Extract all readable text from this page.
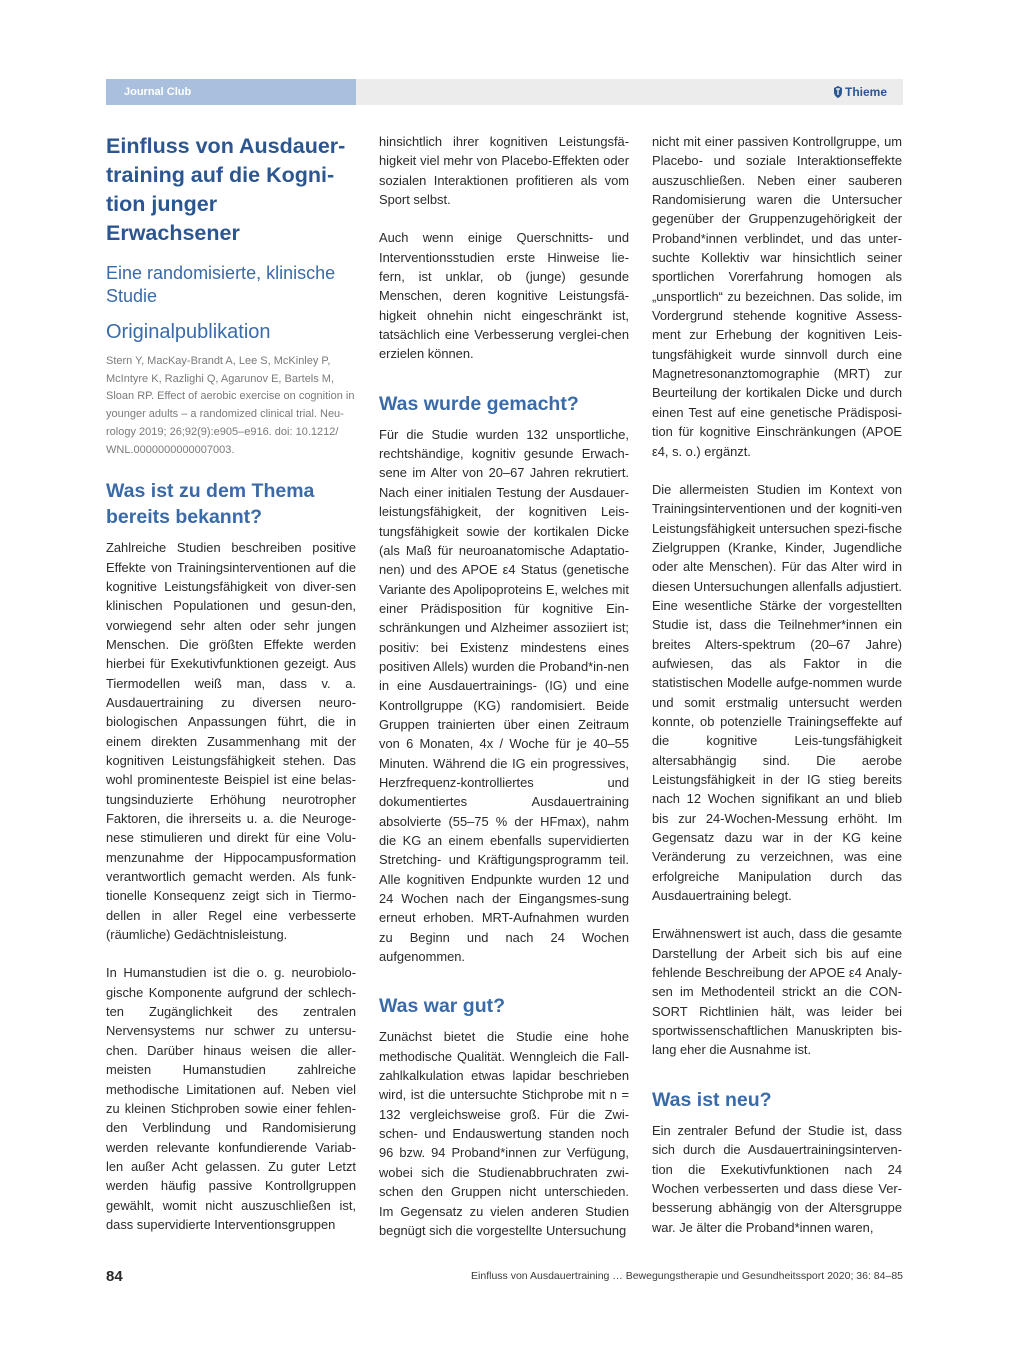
Journal Club	Thieme
Einfluss von Ausdauer-training auf die Kogni-tion junger Erwachsener
Eine randomisierte, klinische Studie
Originalpublikation
Stern Y, MacKay-Brandt A, Lee S, McKinley P, McIntyre K, Razlighi Q, Agarunov E, Bartels M, Sloan RP. Effect of aerobic exercise on cognition in younger adults – a randomized clinical trial. Neu-rology 2019; 26;92(9):e905–e916. doi: 10.1212/ WNL.0000000000007003.
Was ist zu dem Thema bereits bekannt?

Zahlreiche Studien beschreiben positive Effekte von Trainingsinterventionen auf die kognitive Leistungsfähigkeit von diver-sen klinischen Populationen und gesun-den, vorwiegend sehr alten oder sehr jungen Menschen. Die größten Effekte werden hierbei für Exekutivfunktionen gezeigt. Aus Tiermodellen weiß man, dass v. a. Ausdauertraining zu diversen neuro-biologischen Anpassungen führt, die in einem direkten Zusammenhang mit der kognitiven Leistungsfähigkeit stehen. Das wohl prominenteste Beispiel ist eine belas-tungsinduzierte Erhöhung neurotropher Faktoren, die ihrerseits u. a. die Neuroge-nese stimulieren und direkt für eine Volu-menzunahme der Hippocampusformation verantwortlich gemacht werden. Als funk-tionelle Konsequenz zeigt sich in Tiermo-dellen in aller Regel eine verbesserte (räumliche) Gedächtnisleistung.

In Humanstudien ist die o. g. neurobiolo-gische Komponente aufgrund der schlech-ten Zugänglichkeit des zentralen Nervensystems nur schwer zu untersu-chen. Darüber hinaus weisen die aller-meisten Humanstudien zahlreiche methodische Limitationen auf. Neben viel zu kleinen Stichproben sowie einer fehlen-den Verblindung und Randomisierung werden relevante konfundierende Variab-len außer Acht gelassen. Zu guter Letzt werden häufig passive Kontrollgruppen gewählt, womit nicht auszuschließen ist, dass supervidierte Interventionsgruppen

hinsichtlich ihrer kognitiven Leistungsfä-higkeit viel mehr von Placebo-Effekten oder sozialen Interaktionen profitieren als vom Sport selbst.

Auch wenn einige Querschnitts- und Interventionsstudien erste Hinweise lie-fern, ist unklar, ob (junge) gesunde Menschen, deren kognitive Leistungsfä-higkeit ohnehin nicht eingeschränkt ist, tatsächlich eine Verbesserung verglei-chen erzielen können.

Was wurde gemacht?

Für die Studie wurden 132 unsportliche, rechtshändige, kognitiv gesunde Erwach-sene im Alter von 20–67 Jahren rekrutiert. Nach einer initialen Testung der Ausdauer-leistungsfähigkeit, der kognitiven Leis-tungsfähigkeit sowie der kortikalen Dicke (als Maß für neuroanatomische Adaptatio-nen) und des APOE ε4 Status (genetische Variante des Apolipoproteins E, welches mit einer Prädisposition für kognitive Ein-schränkungen und Alzheimer assoziiert ist; positiv: bei Existenz mindestens eines positiven Allels) wurden die Proband*in-nen in eine Ausdauertrainings- (IG) und eine Kontrollgruppe (KG) randomisiert. Beide Gruppen trainierten über einen Zeitraum von 6 Monaten, 4x / Woche für je 40–55 Minuten. Während die IG ein progressives, Herzfrequenz-kontrolliertes und dokumentiertes Ausdauertraining absolvierte (55–75 % der HFmax), nahm die KG an einem ebenfalls supervidierten Stretching- und Kräftigungsprogramm teil. Alle kognitiven Endpunkte wurden 12 und 24 Wochen nach der Eingangsmes-sung erneut erhoben. MRT-Aufnahmen wurden zu Beginn und nach 24 Wochen aufgenommen.

Was war gut?

Zunächst bietet die Studie eine hohe methodische Qualität. Wenngleich die Fall-zahlkalkulation etwas lapidar beschrieben wird, ist die untersuchte Stichprobe mit n = 132 vergleichsweise groß. Für die Zwi-schen- und Endauswertung standen noch 96 bzw. 94 Proband*innen zur Verfügung, wobei sich die Studienabbruchraten zwi-schen den Gruppen nicht unterschieden. Im Gegensatz zu vielen anderen Studien begnügt sich die vorgestellte Untersuchung

nicht mit einer passiven Kontrollgruppe, um Placebo- und soziale Interaktionseffekte auszuschließen. Neben einer sauberen Randomisierung waren die Untersucher gegenüber der Gruppenzugehörigkeit der Proband*innen verblindet, und das unter-suchte Kollektiv war hinsichtlich seiner sportlichen Vorerfahrung homogen als „unsportlich“ zu bezeichnen. Das solide, im Vordergrund stehende kognitive Assess-ment zur Erhebung der kognitiven Leis-tungsfähigkeit wurde sinnvoll durch eine Magnetresonanztomographie (MRT) zur Beurteilung der kortikalen Dicke und durch einen Test auf eine genetische Prädisposi-tion für kognitive Einschränkungen (APOE ε4, s. o.) ergänzt.

Die allermeisten Studien im Kontext von Trainingsinterventionen und der kogniti-ven Leistungsfähigkeit untersuchen spezi-fische Zielgruppen (Kranke, Kinder, Jugendliche oder alte Menschen). Für das Alter wird in diesen Untersuchungen allenfalls adjustiert. Eine wesentliche Stärke der vorgestellten Studie ist, dass die Teilnehmer*innen ein breites Alters-spektrum (20–67 Jahre) aufwiesen, das als Faktor in die statistischen Modelle aufge-nommen wurde und somit erstmalig untersucht werden konnte, ob potenzielle Trainingseffekte auf die kognitive Leis-tungsfähigkeit altersabhängig sind. Die aerobe Leistungsfähigkeit in der IG stieg bereits nach 12 Wochen signifikant an und blieb bis zur 24-Wochen-Messung erhöht. Im Gegensatz dazu war in der KG keine Veränderung zu verzeichnen, was eine erfolgreiche Manipulation durch das Ausdauertraining belegt.

Erwähnenswert ist auch, dass die gesamte Darstellung der Arbeit sich bis auf eine fehlende Beschreibung der APOE ε4 Analy-sen im Methodenteil strickt an die CON-SORT Richtlinien hält, was leider bei sportwissenschaftlichen Manuskripten bis-lang eher die Ausnahme ist.

Was ist neu?

Ein zentraler Befund der Studie ist, dass sich durch die Ausdauertrainingsinterven-tion die Exekutivfunktionen nach 24 Wochen verbesserten und dass diese Ver-besserung abhängig von der Altersgruppe war. Je älter die Proband*innen waren,

84	Einfluss von Ausdauertraining … Bewegungstherapie und Gesundheitssport 2020; 36: 84–85
